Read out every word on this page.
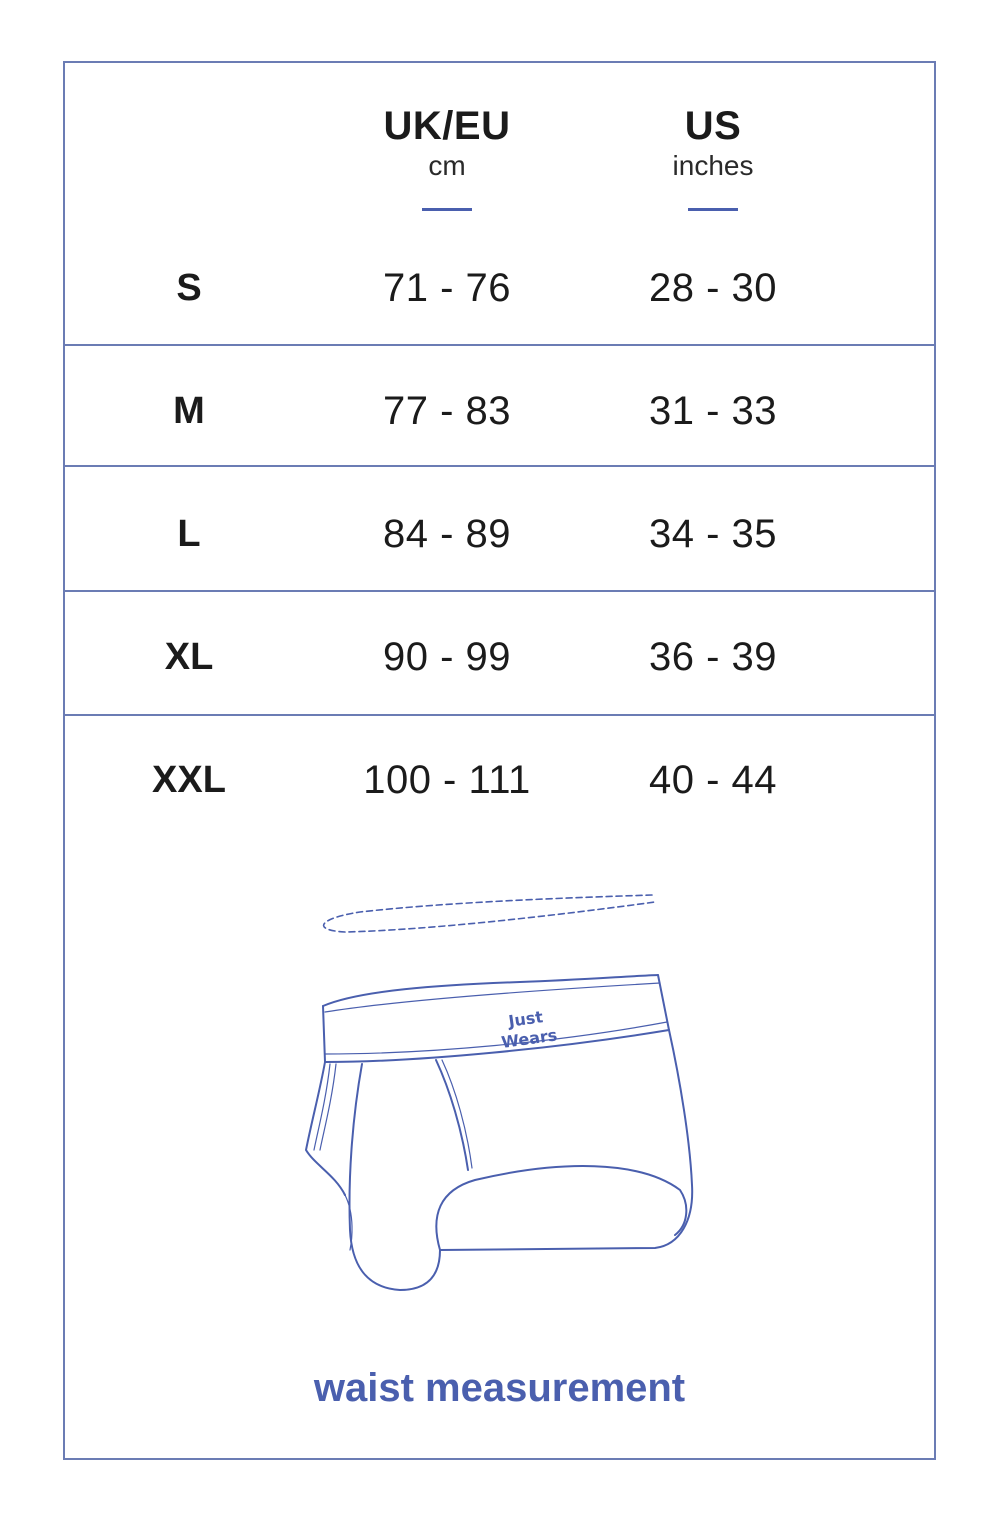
UK/EU
cm
US
inches
S	71 - 76	28 - 30
M	77 - 83	31 - 33
L	84 - 89	34 - 35
XL	90 - 99	36 - 39
XXL	100 - 111	40 - 44
Just
Wears
waist measurement
